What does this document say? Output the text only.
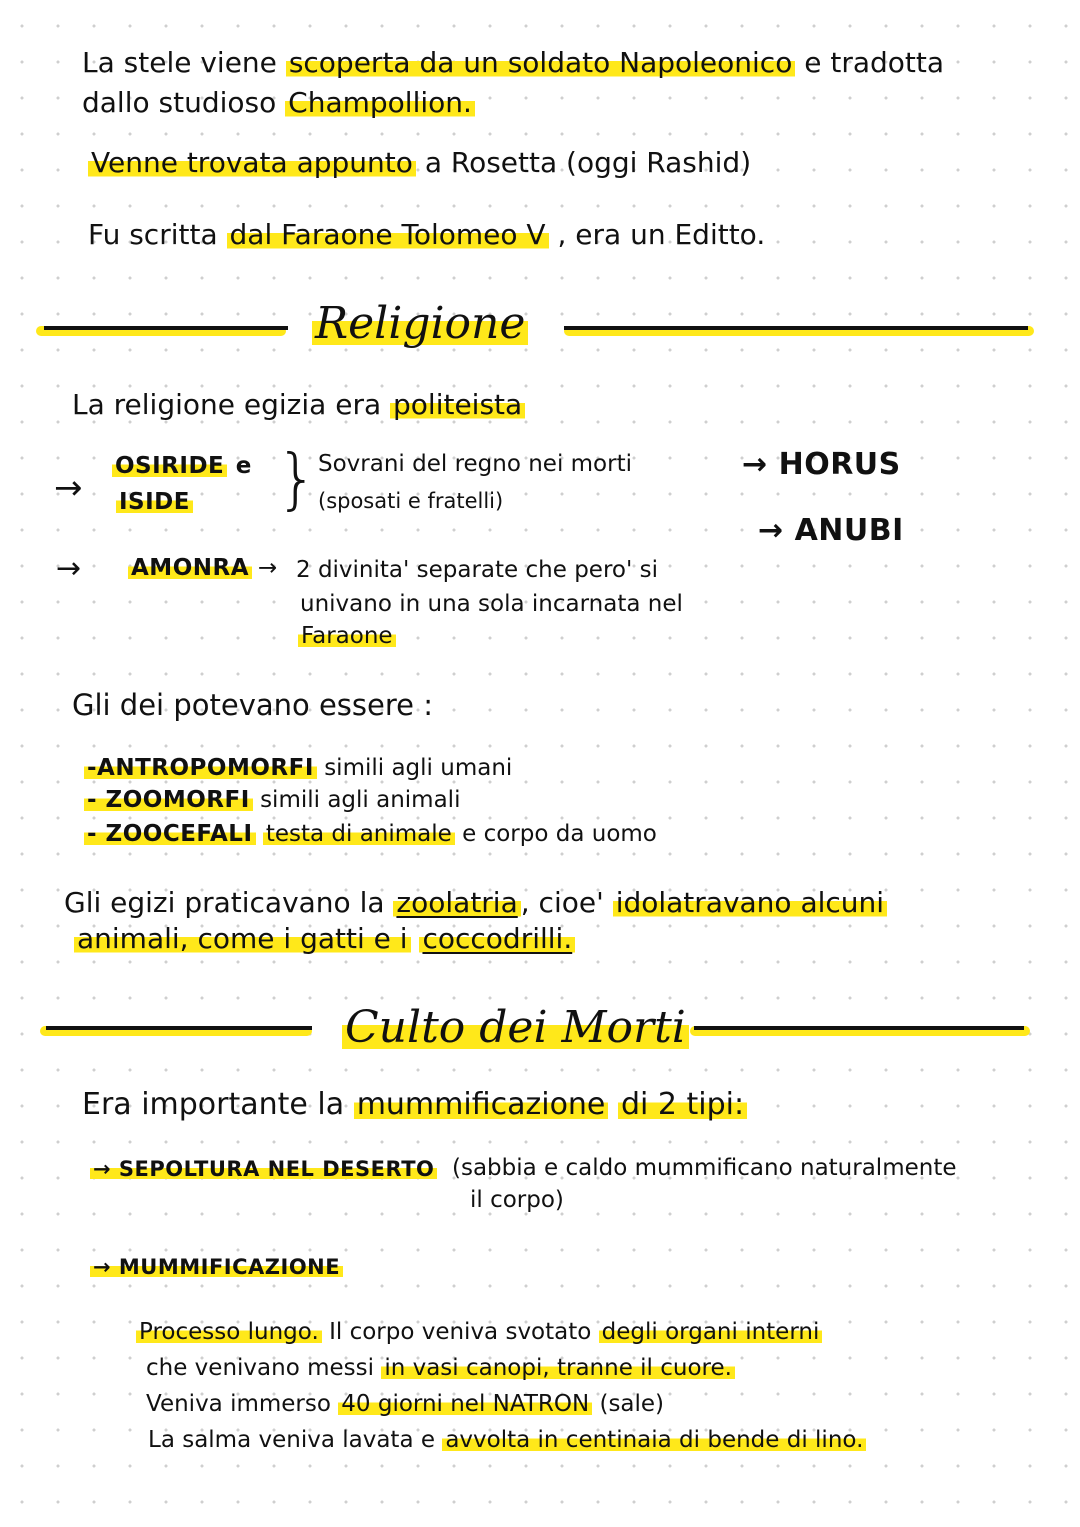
La stele viene scoperta da un soldato Napoleonico e tradotta
dallo studioso Champollion.
Venne trovata appunto a Rosetta (oggi Rashid)
Fu scritta dal Faraone Tolomeo V , era un Editto.
Religione
La religione egizia era politeista
→
OSIRIDE e
ISIDE } Sovrani del regno nei morti
(sposati e fratelli)
→ HORUS
→ ANUBI
→ AMONRA → 2 divinita' separate che pero' si
univano in una sola incarnata nel
Faraone
Gli dei potevano essere :
-ANTROPOMORFI simili agli umani
- ZOOMORFI simili agli animali
- ZOOCEFALI testa di animale e corpo da uomo
Gli egizi praticavano la zoolatria , cioe' idolatravano alcuni
animali, come i gatti e i coccodrilli.
Culto dei Morti
Era importante la mummificazione di 2 tipi:
→ SEPOLTURA NEL DESERTO (sabbia e caldo mummificano naturalmente
il corpo)
→ MUMMIFICAZIONE
Processo lungo. Il corpo veniva svotato degli organi interni
che venivano messi in vasi canopi, tranne il cuore.
Veniva immerso 40 giorni nel NATRON (sale)
La salma veniva lavata e avvolta in centinaia di bende di lino.
